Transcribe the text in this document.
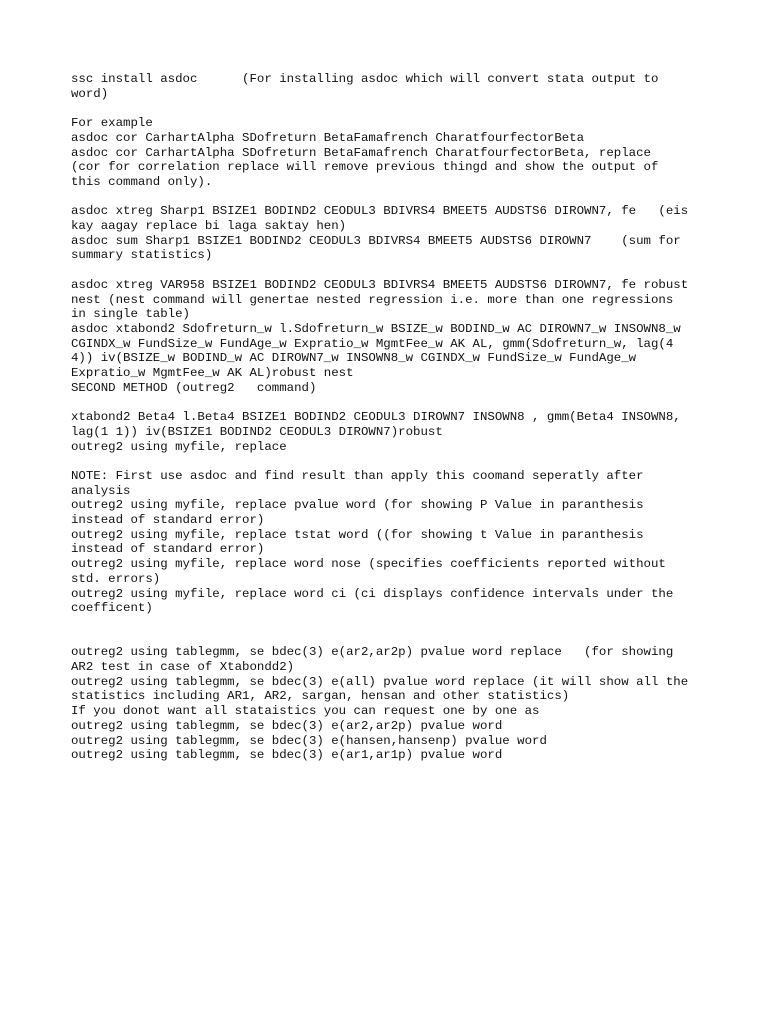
ssc install asdoc      (For installing asdoc which will convert stata output to
word)
For example
asdoc cor CarhartAlpha SDofreturn BetaFamafrench CharatfourfectorBeta
asdoc cor CarhartAlpha SDofreturn BetaFamafrench CharatfourfectorBeta, replace
(cor for correlation replace will remove previous thingd and show the output of
this command only).
asdoc xtreg Sharp1 BSIZE1 BODIND2 CEODUL3 BDIVRS4 BMEET5 AUDSTS6 DIROWN7, fe   (eis
kay aagay replace bi laga saktay hen)
asdoc sum Sharp1 BSIZE1 BODIND2 CEODUL3 BDIVRS4 BMEET5 AUDSTS6 DIROWN7    (sum for
summary statistics)
asdoc xtreg VAR958 BSIZE1 BODIND2 CEODUL3 BDIVRS4 BMEET5 AUDSTS6 DIROWN7, fe robust
nest (nest command will genertae nested regression i.e. more than one regressions
in single table)
asdoc xtabond2 Sdofreturn_w l.Sdofreturn_w BSIZE_w BODIND_w AC DIROWN7_w INSOWN8_w
CGINDX_w FundSize_w FundAge_w Expratio_w MgmtFee_w AK AL, gmm(Sdofreturn_w, lag(4
4)) iv(BSIZE_w BODIND_w AC DIROWN7_w INSOWN8_w CGINDX_w FundSize_w FundAge_w
Expratio_w MgmtFee_w AK AL)robust nest
SECOND METHOD (outreg2   command)
xtabond2 Beta4 l.Beta4 BSIZE1 BODIND2 CEODUL3 DIROWN7 INSOWN8 , gmm(Beta4 INSOWN8,
lag(1 1)) iv(BSIZE1 BODIND2 CEODUL3 DIROWN7)robust
outreg2 using myfile, replace
NOTE: First use asdoc and find result than apply this coomand seperatly after
analysis
outreg2 using myfile, replace pvalue word (for showing P Value in paranthesis
instead of standard error)
outreg2 using myfile, replace tstat word ((for showing t Value in paranthesis
instead of standard error)
outreg2 using myfile, replace word nose (specifies coefficients reported without
std. errors)
outreg2 using myfile, replace word ci (ci displays confidence intervals under the
coefficent)
outreg2 using tablegmm, se bdec(3) e(ar2,ar2p) pvalue word replace   (for showing
AR2 test in case of Xtabondd2)
outreg2 using tablegmm, se bdec(3) e(all) pvalue word replace (it will show all the
statistics including AR1, AR2, sargan, hensan and other statistics)
If you donot want all stataistics you can request one by one as
outreg2 using tablegmm, se bdec(3) e(ar2,ar2p) pvalue word
outreg2 using tablegmm, se bdec(3) e(hansen,hansenp) pvalue word
outreg2 using tablegmm, se bdec(3) e(ar1,ar1p) pvalue word
